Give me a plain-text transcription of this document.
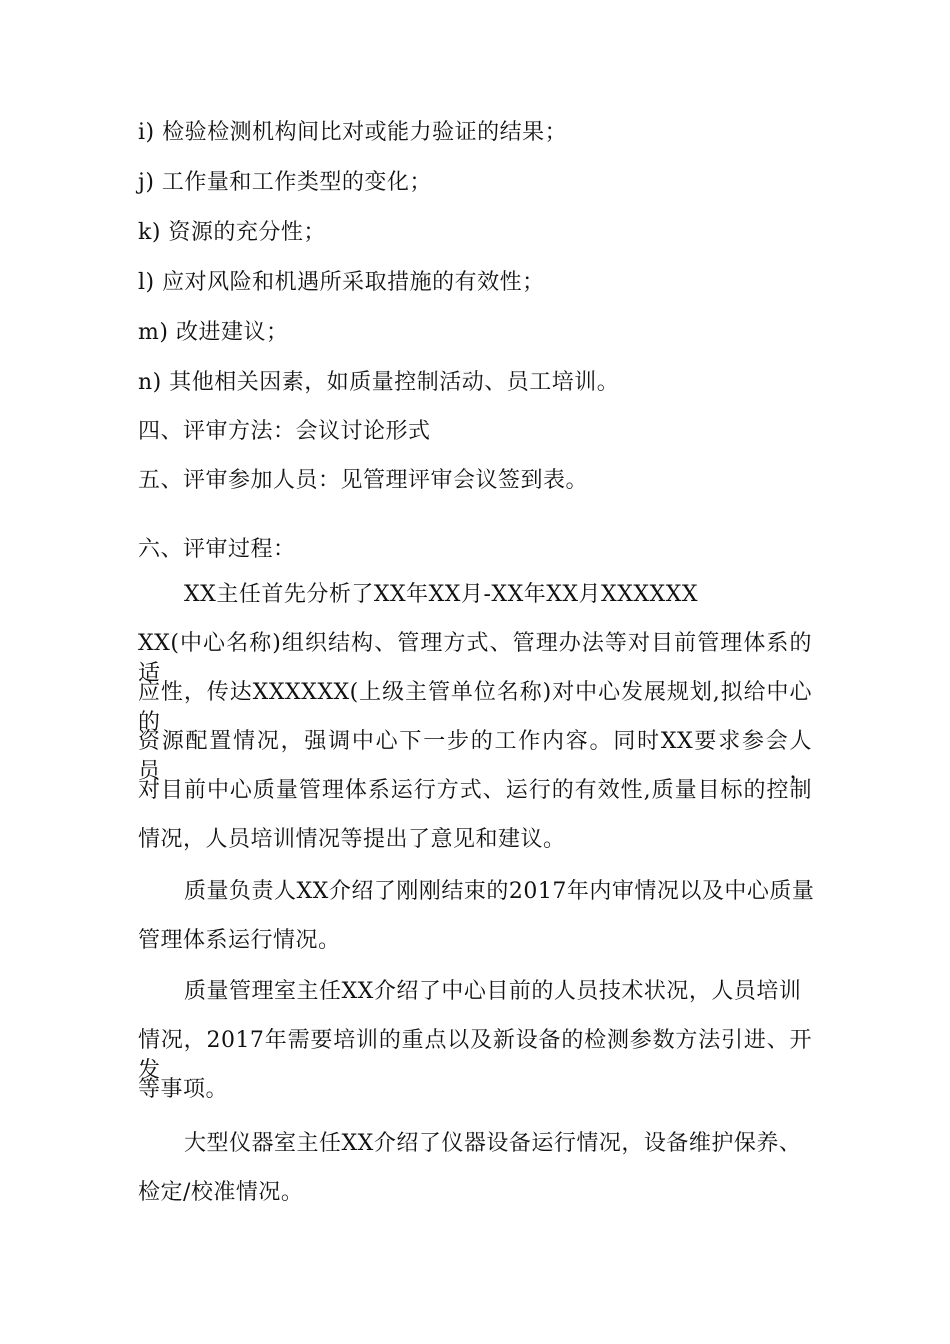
i) 检验检测机构间比对或能力验证的结果；
j) 工作量和工作类型的变化；
k) 资源的充分性；
l) 应对风险和机遇所采取措施的有效性；
m) 改进建议；
n) 其他相关因素，如质量控制活动、员工培训。
四、评审方法：会议讨论形式
五、评审参加人员：见管理评审会议签到表。
六、评审过程：
XX主任首先分析了XX年XX月-XX年XX月XXXXXX
XX(中心名称)组织结构、管理方式、管理办法等对目前管理体系的适
应性，传达XXXXXX(上级主管单位名称)对中心发展规划,拟给中心的
资源配置情况，强调中心下一步的工作内容。同时XX要求参会人员，
对目前中心质量管理体系运行方式、运行的有效性,质量目标的控制
情况，人员培训情况等提出了意见和建议。
质量负责人XX介绍了刚刚结束的2017年内审情况以及中心质量
管理体系运行情况。
质量管理室主任XX介绍了中心目前的人员技术状况，人员培训
情况，2017年需要培训的重点以及新设备的检测参数方法引进、开发
等事项。
大型仪器室主任XX介绍了仪器设备运行情况，设备维护保养、
检定/校准情况。
